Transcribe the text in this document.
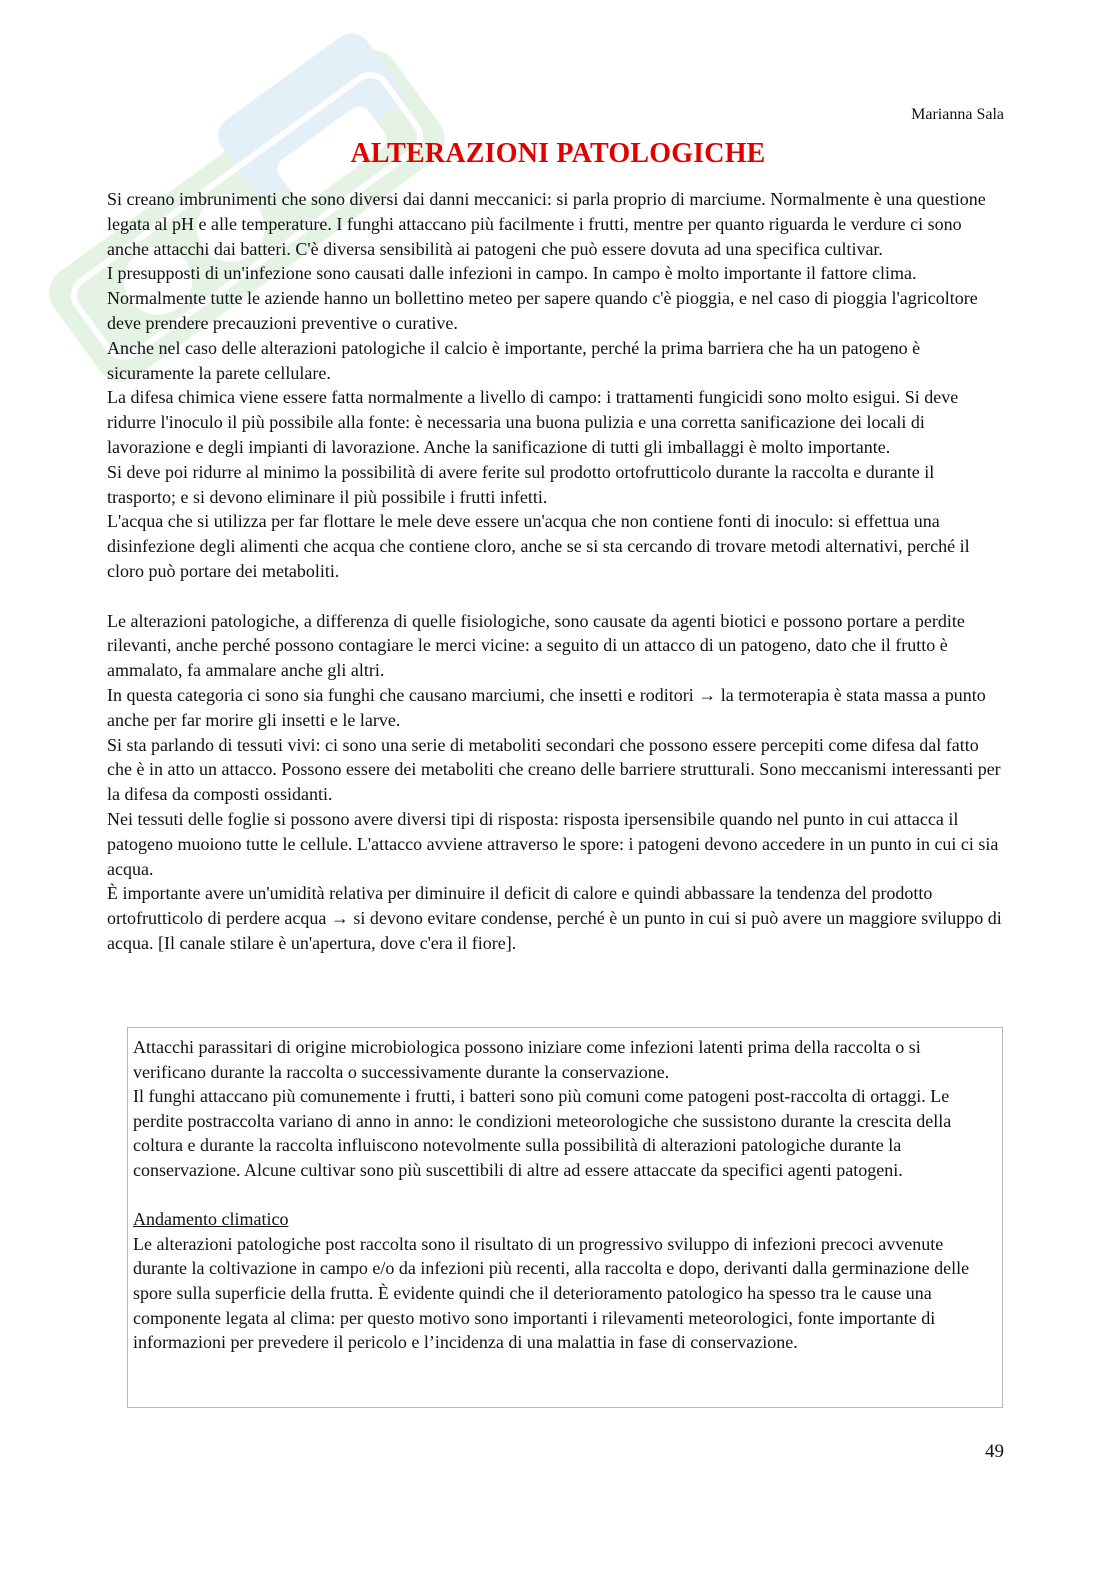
Marianna Sala
ALTERAZIONI PATOLOGICHE

Si creano imbrunimenti che sono diversi dai danni meccanici: si parla proprio di marciume. Normalmente è una questione legata al pH e alle temperature. I funghi attaccano più facilmente i frutti, mentre per quanto riguarda le verdure ci sono anche attacchi dai batteri. C'è diversa sensibilità ai patogeni che può essere dovuta ad una specifica cultivar.

I presupposti di un'infezione sono causati dalle infezioni in campo. In campo è molto importante il fattore clima. Normalmente tutte le aziende hanno un bollettino meteo per sapere quando c'è pioggia, e nel caso di pioggia l'agricoltore deve prendere precauzioni preventive o curative.

Anche nel caso delle alterazioni patologiche il calcio è importante, perché la prima barriera che ha un patogeno è sicuramente la parete cellulare.

La difesa chimica viene essere fatta normalmente a livello di campo: i trattamenti fungicidi sono molto esigui. Si deve ridurre l'inoculo il più possibile alla fonte: è necessaria una buona pulizia e una corretta sanificazione dei locali di lavorazione e degli impianti di lavorazione. Anche la sanificazione di tutti gli imballaggi è molto importante.

Si deve poi ridurre al minimo la possibilità di avere ferite sul prodotto ortofrutticolo durante la raccolta e durante il trasporto; e si devono eliminare il più possibile i frutti infetti.

L'acqua che si utilizza per far flottare le mele deve essere un'acqua che non contiene fonti di inoculo: si effettua una disinfezione degli alimenti che acqua che contiene cloro, anche se si sta cercando di trovare metodi alternativi, perché il cloro può portare dei metaboliti.

Le alterazioni patologiche, a differenza di quelle fisiologiche, sono causate da agenti biotici e possono portare a perdite rilevanti, anche perché possono contagiare le merci vicine: a seguito di un attacco di un patogeno, dato che il frutto è ammalato, fa ammalare anche gli altri.

In questa categoria ci sono sia funghi che causano marciumi, che insetti e roditori → la termoterapia è stata massa a punto anche per far morire gli insetti e le larve.

Si sta parlando di tessuti vivi: ci sono una serie di metaboliti secondari che possono essere percepiti come difesa dal fatto che è in atto un attacco. Possono essere dei metaboliti che creano delle barriere strutturali. Sono meccanismi interessanti per la difesa da composti ossidanti.

Nei tessuti delle foglie si possono avere diversi tipi di risposta: risposta ipersensibile quando nel punto in cui attacca il patogeno muoiono tutte le cellule. L'attacco avviene attraverso le spore: i patogeni devono accedere in un punto in cui ci sia acqua.

È importante avere un'umidità relativa per diminuire il deficit di calore e quindi abbassare la tendenza del prodotto ortofrutticolo di perdere acqua → si devono evitare condense, perché è un punto in cui si può avere un maggiore sviluppo di acqua. [Il canale stilare è un'apertura, dove c'era il fiore].

Attacchi parassitari di origine microbiologica possono iniziare come infezioni latenti prima della raccolta o si verificano durante la raccolta o successivamente durante la conservazione.

Il funghi attaccano più comunemente i frutti, i batteri sono più comuni come patogeni post-raccolta di ortaggi. Le perdite postraccolta variano di anno in anno: le condizioni meteorologiche che sussistono durante la crescita della coltura e durante la raccolta influiscono notevolmente sulla possibilità di alterazioni patologiche durante la conservazione. Alcune cultivar sono più suscettibili di altre ad essere attaccate da specifici agenti patogeni.

Andamento climatico

Le alterazioni patologiche post raccolta sono il risultato di un progressivo sviluppo di infezioni precoci avvenute durante la coltivazione in campo e/o da infezioni più recenti, alla raccolta e dopo, derivanti dalla germinazione delle spore sulla superficie della frutta. È evidente quindi che il deterioramento patologico ha spesso tra le cause una componente legata al clima: per questo motivo sono importanti i rilevamenti meteorologici, fonte importante di informazioni per prevedere il pericolo e l’incidenza di una malattia in fase di conservazione.

49
